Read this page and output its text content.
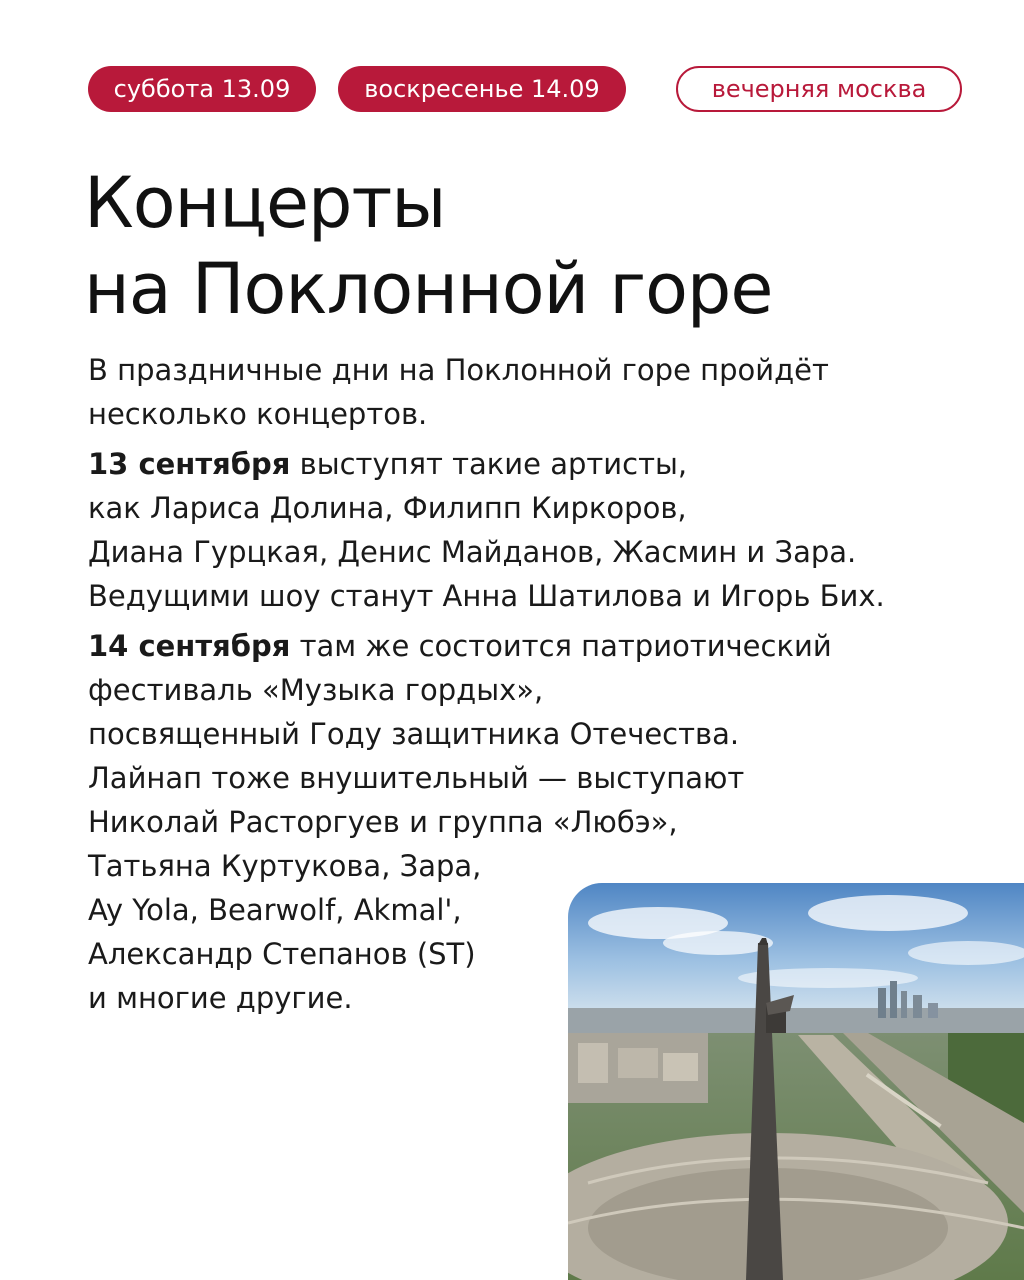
суббота 13.09	воскресенье 14.09	вечерняя москва
Концерты
на Поклонной горе

В праздничные дни на Поклонной горе пройдёт
несколько концертов.

13 сентября выступят такие артисты,
как Лариса Долина, Филипп Киркоров,
Диана Гурцкая, Денис Майданов, Жасмин и Зара.
Ведущими шоу станут Анна Шатилова и Игорь Бих.

14 сентября там же состоится патриотический
фестиваль «Музыка гордых»,
посвященный Году защитника Отечества.
Лайнап тоже внушительный — выступают
Николай Расторгуев и группа «Любэ»,
Татьяна Куртукова, Зара,
Ay Yola, Bearwolf, Akmal',
Александр Степанов (ST)
и многие другие.
